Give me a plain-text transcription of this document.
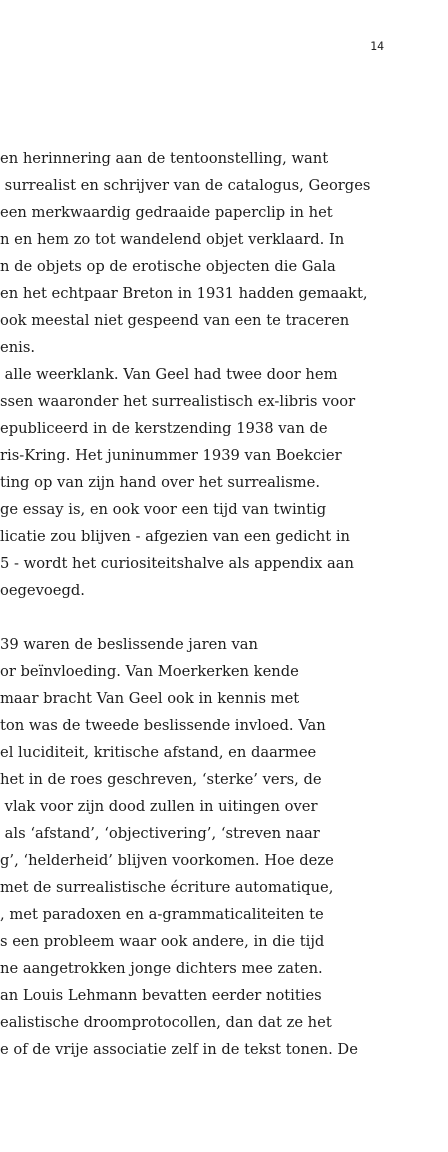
14
en herinnering aan de tentoonstelling, want
surrealist en schrijver van de catalogus, Georges
een merkwaardig gedraaide paperclip in het
n en hem zo tot wandelend objet verklaard. In
n de objets op de erotische objecten die Gala
en het echtpaar Breton in 1931 hadden gemaakt,
ook meestal niet gespeend van een te traceren
enis.
alle weerklank. Van Geel had twee door hem
ssen waaronder het surrealistisch ex-libris voor
epubliceerd in de kerstzending 1938 van de
ris-Kring. Het juninummer 1939 van Boekcier
ting op van zijn hand over het surrealisme.
ge essay is, en ook voor een tijd van twintig
licatie zou blijven - afgezien van een gedicht in
5 - wordt het curiositeitshalve als appendix aan
oegevoegd.
39 waren de beslissende jaren van
or beïnvloeding. Van Moerkerken kende
maar bracht Van Geel ook in kennis met
ton was de tweede beslissende invloed. Van
el luciditeit, kritische afstand, en daarmee
het in de roes geschreven, ‘sterke’ vers, de
vlak voor zijn dood zullen in uitingen over
als ‘afstand’, ‘objectivering’, ‘streven naar
g’, ‘helderheid’ blijven voorkomen. Hoe deze
met de surrealistische écriture automatique,
, met paradoxen en a-grammaticaliteiten te
s een probleem waar ook andere, in die tijd
ne aangetrokken jonge dichters mee zaten.
an Louis Lehmann bevatten eerder notities
ealistische droomprotocollen, dan dat ze het
e of de vrije associatie zelf in de tekst tonen. De
